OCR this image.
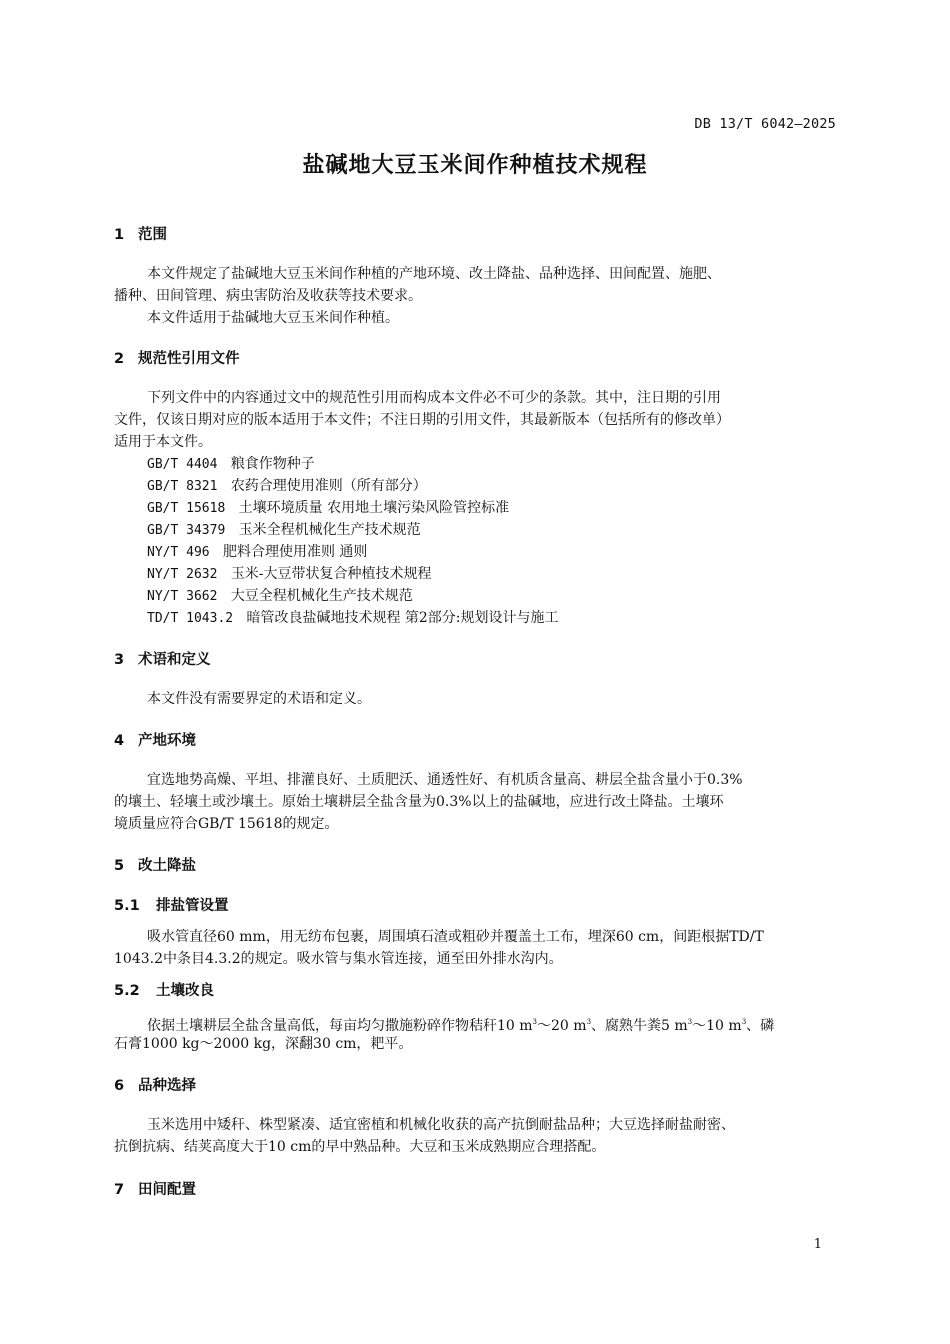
DB 13/T 6042—2025
盐碱地大豆玉米间作种植技术规程
1 范围
本文件规定了盐碱地大豆玉米间作种植的产地环境、改土降盐、品种选择、田间配置、施肥、
播种、田间管理、病虫害防治及收获等技术要求。
本文件适用于盐碱地大豆玉米间作种植。
2 规范性引用文件
下列文件中的内容通过文中的规范性引用而构成本文件必不可少的条款。其中，注日期的引用
文件，仅该日期对应的版本适用于本文件；不注日期的引用文件，其最新版本（包括所有的修改单）
适用于本文件。
GB/T 4404 粮食作物种子
GB/T 8321 农药合理使用准则（所有部分）
GB/T 15618 土壤环境质量 农用地土壤污染风险管控标准
GB/T 34379 玉米全程机械化生产技术规范
NY/T 496 肥料合理使用准则 通则
NY/T 2632 玉米-大豆带状复合种植技术规程
NY/T 3662 大豆全程机械化生产技术规范
TD/T 1043.2 暗管改良盐碱地技术规程 第2部分:规划设计与施工
3 术语和定义
本文件没有需要界定的术语和定义。
4 产地环境
宜选地势高燥、平坦、排灌良好、土质肥沃、通透性好、有机质含量高、耕层全盐含量小于0.3%
的壤土、轻壤土或沙壤土。原始土壤耕层全盐含量为0.3%以上的盐碱地，应进行改土降盐。土壤环
境质量应符合GB/T 15618的规定。
5 改土降盐
5.1 排盐管设置
吸水管直径60 mm，用无纺布包裹，周围填石渣或粗砂并覆盖土工布，埋深60 cm，间距根据TD/T
1043.2中条目4.3.2的规定。吸水管与集水管连接，通至田外排水沟内。
5.2 土壤改良
依据土壤耕层全盐含量高低，每亩均匀撒施粉碎作物秸秆10 $m^3\sim 20$ $m^3$、腐熟牛粪5 $m^3\sim 10$ $m^3$、磷
石膏1000 kg～2000 kg，深翻30 cm，耙平。
6 品种选择
玉米选用中矮秆、株型紧凑、适宜密植和机械化收获的高产抗倒耐盐品种；大豆选择耐盐耐密、
抗倒抗病、结荚高度大于10 cm的早中熟品种。大豆和玉米成熟期应合理搭配。
7 田间配置
1
